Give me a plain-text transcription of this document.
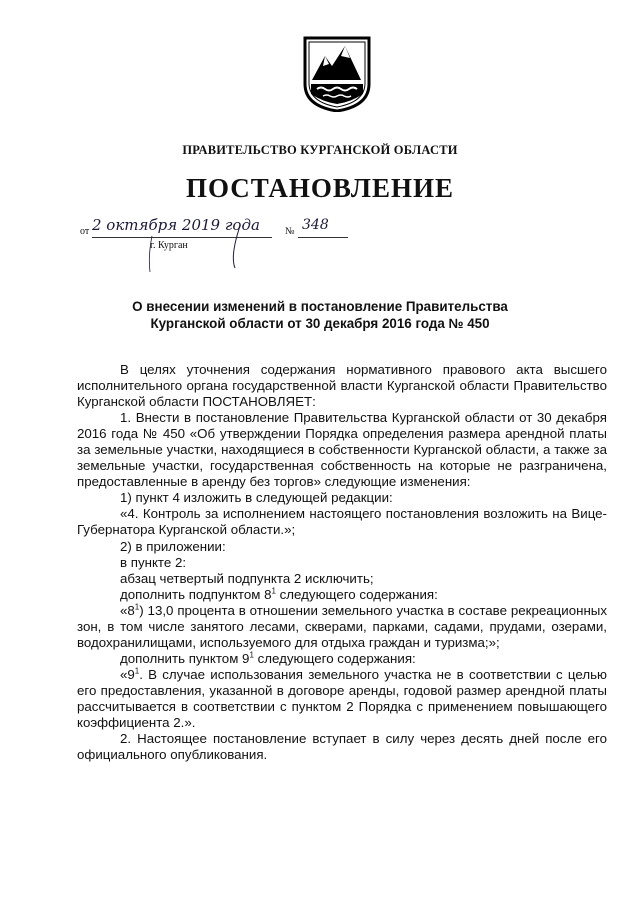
ПРАВИТЕЛЬСТВО КУРГАНСКОЙ ОБЛАСТИ
ПОСТАНОВЛЕНИЕ
от 2 октября 2019 года	№ 348
г. Курган
О внесении изменений в постановление Правительства
Курганской области от 30 декабря 2016 года № 450

В целях уточнения содержания нормативного правового акта высшего исполнительного органа государственной власти Курганской области Правительство Курганской области ПОСТАНОВЛЯЕТ:

1. Внести в постановление Правительства Курганской области от 30 декабря 2016 года № 450 «Об утверждении Порядка определения размера арендной платы за земельные участки, находящиеся в собственности Курганской области, а также за земельные участки, государственная собственность на которые не разграничена, предоставленные в аренду без торгов» следующие изменения:

1) пункт 4 изложить в следующей редакции:

«4. Контроль за исполнением настоящего постановления возложить на Вице-Губернатора Курганской области.»;

2) в приложении:

в пункте 2:

абзац четвертый подпункта 2 исключить;

дополнить подпунктом $8^1$ следующего содержания:

«$8^1$) 13,0 процента в отношении земельного участка в составе рекреационных зон, в том числе занятого лесами, скверами, парками, садами, прудами, озерами, водохранилищами, используемого для отдыха граждан и туризма;»;

дополнить пунктом $9^1$ следующего содержания:

«$9^1$. В случае использования земельного участка не в соответствии с целью его предоставления, указанной в договоре аренды, годовой размер арендной платы рассчитывается в соответствии с пунктом 2 Порядка с применением повышающего коэффициента 2.».

2. Настоящее постановление вступает в силу через десять дней после его официального опубликования.
